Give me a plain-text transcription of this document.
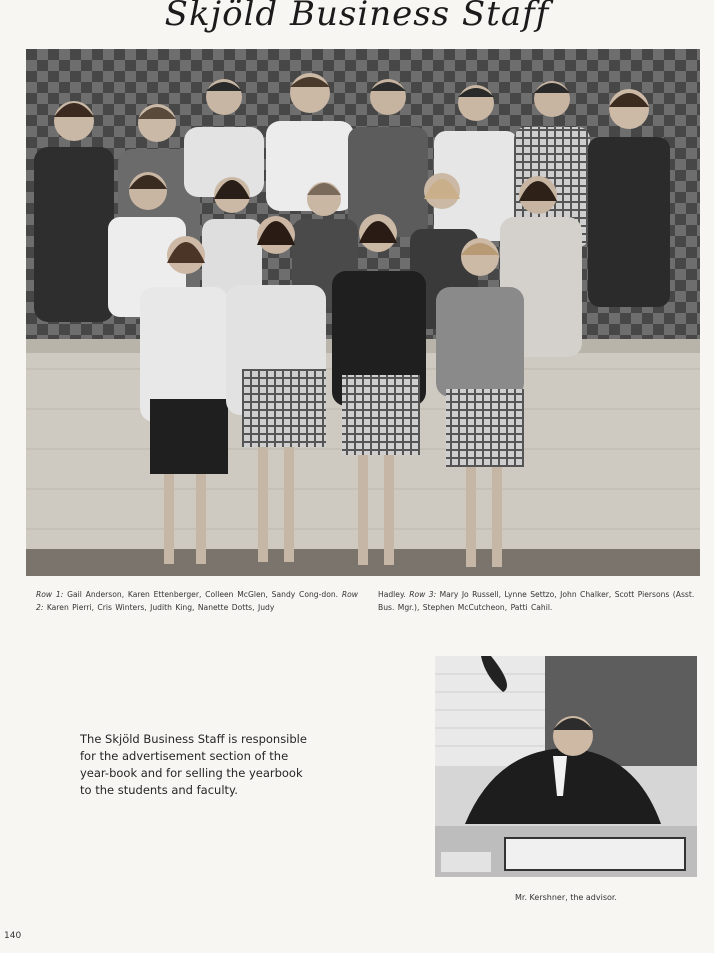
Skjöld Business Staff
Row 1: Gail Anderson, Karen Ettenberger, Colleen McGlen, Sandy Cong-don. Row 2: Karen Pierri, Cris Winters, Judith King, Nanette Dotts, Judy
Hadley. Row 3: Mary Jo Russell, Lynne Settzo, John Chalker, Scott Piersons (Asst. Bus. Mgr.), Stephen McCutcheon, Patti Cahil.
The Skjöld Business Staff is responsible for the advertisement section of the year-book and for selling the yearbook to the students and faculty.
Mr. Kershner, the advisor.
140
